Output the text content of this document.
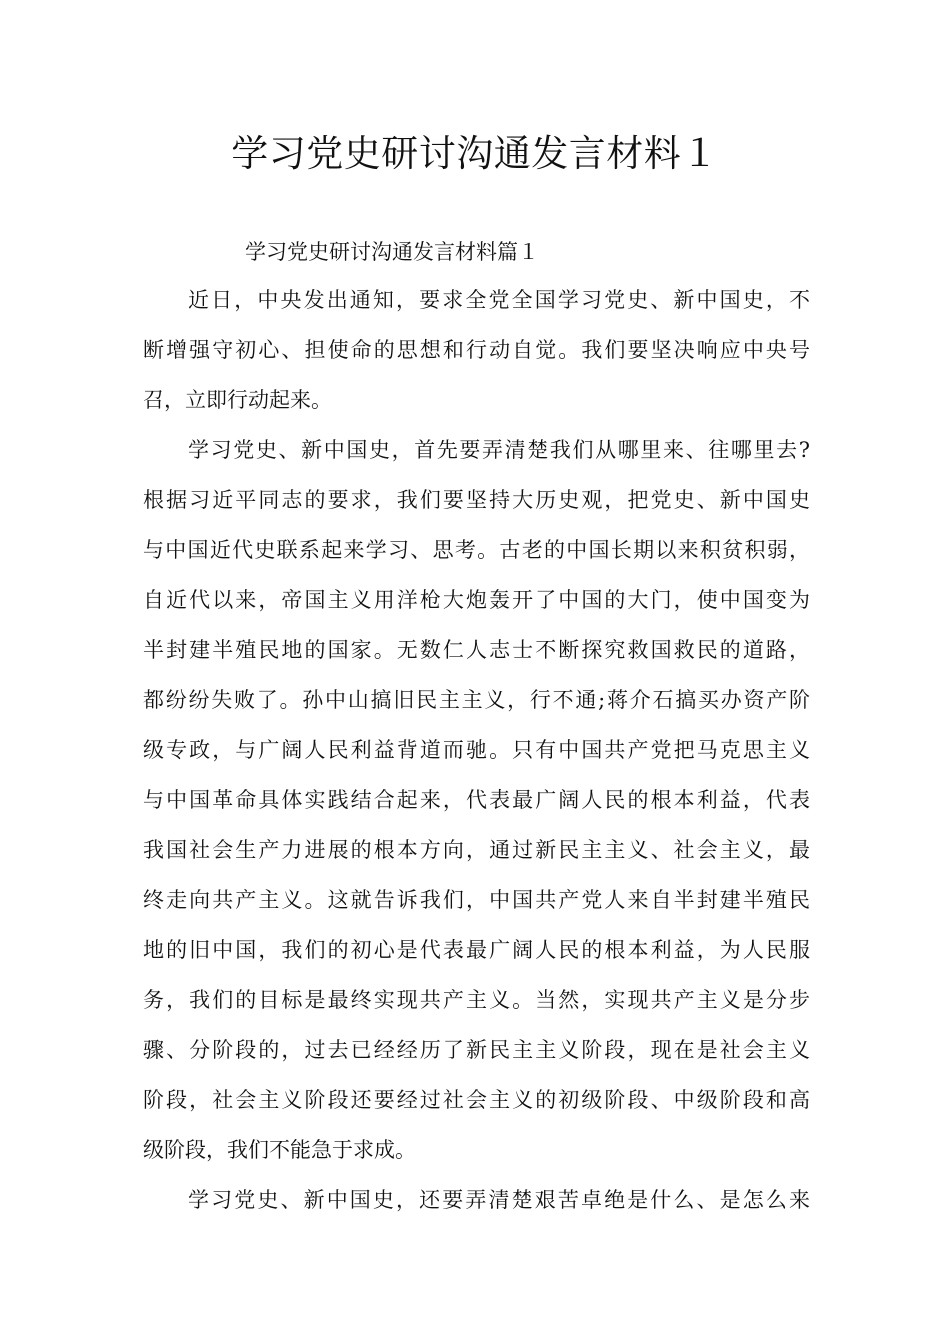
学习党史研讨沟通发言材料１
学习党史研讨沟通发言材料篇１
近日，中央发出通知，要求全党全国学习党史、新中国史，不
断增强守初心、担使命的思想和行动自觉。我们要坚决响应中央号
召，立即行动起来。
学习党史、新中国史，首先要弄清楚我们从哪里来、往哪里去?
根据习近平同志的要求，我们要坚持大历史观，把党史、新中国史
与中国近代史联系起来学习、思考。古老的中国长期以来积贫积弱，
自近代以来，帝国主义用洋枪大炮轰开了中国的大门，使中国变为
半封建半殖民地的国家。无数仁人志士不断探究救国救民的道路，
都纷纷失败了。孙中山搞旧民主主义，行不通;蒋介石搞买办资产阶
级专政，与广阔人民利益背道而驰。只有中国共产党把马克思主义
与中国革命具体实践结合起来，代表最广阔人民的根本利益，代表
我国社会生产力进展的根本方向，通过新民主主义、社会主义，最
终走向共产主义。这就告诉我们，中国共产党人来自半封建半殖民
地的旧中国，我们的初心是代表最广阔人民的根本利益，为人民服
务，我们的目标是最终实现共产主义。当然，实现共产主义是分步
骤、分阶段的，过去已经经历了新民主主义阶段，现在是社会主义
阶段，社会主义阶段还要经过社会主义的初级阶段、中级阶段和高
级阶段，我们不能急于求成。
学习党史、新中国史，还要弄清楚艰苦卓绝是什么、是怎么来
